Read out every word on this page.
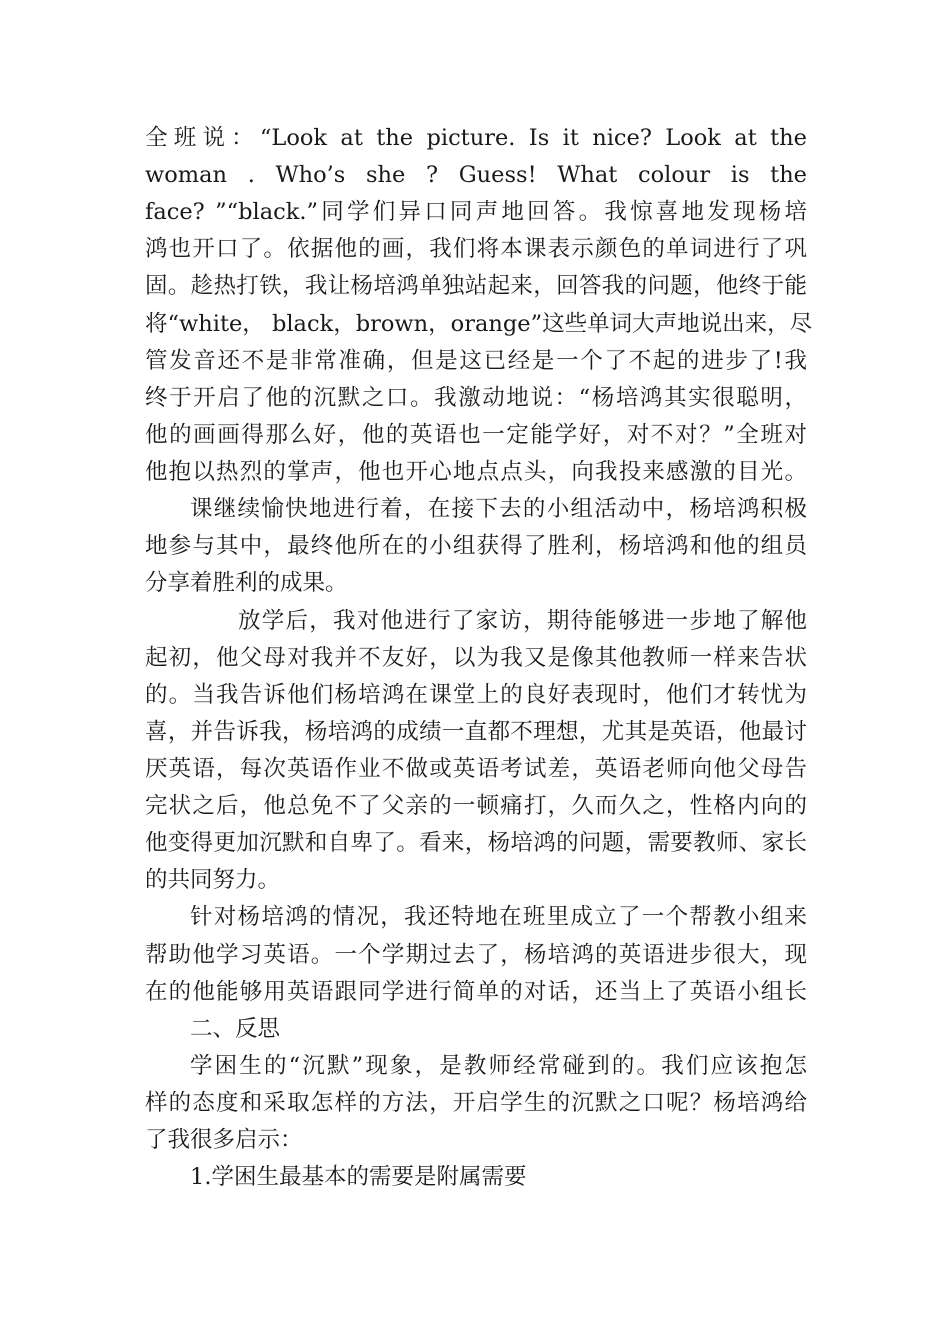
全班说：“Look at the picture. Is it nice? Look at the
woman . Who’s she ? Guess! What colour is the
face? ”“black.”同学们异口同声地回答。我惊喜地发现杨培
鸿也开口了。依据他的画，我们将本课表示颜色的单词进行了巩
固。趁热打铁，我让杨培鸿单独站起来，回答我的问题，他终于能
将“white， black，brown，orange”这些单词大声地说出来，尽
管发音还不是非常准确，但是这已经是一个了不起的进步了!我
终于开启了他的沉默之口。我激动地说：“杨培鸿其实很聪明，
他的画画得那么好，他的英语也一定能学好，对不对？”全班对
他抱以热烈的掌声，他也开心地点点头，向我投来感激的目光。
课继续愉快地进行着，在接下去的小组活动中，杨培鸿积极
地参与其中，最终他所在的小组获得了胜利，杨培鸿和他的组员
分享着胜利的成果。
放学后，我对他进行了家访，期待能够进一步地了解他
起初，他父母对我并不友好，以为我又是像其他教师一样来告状
的。当我告诉他们杨培鸿在课堂上的良好表现时，他们才转忧为
喜，并告诉我，杨培鸿的成绩一直都不理想，尤其是英语，他最讨
厌英语，每次英语作业不做或英语考试差，英语老师向他父母告
完状之后，他总免不了父亲的一顿痛打，久而久之，性格内向的
他变得更加沉默和自卑了。看来，杨培鸿的问题，需要教师、家长
的共同努力。
针对杨培鸿的情况，我还特地在班里成立了一个帮教小组来
帮助他学习英语。一个学期过去了，杨培鸿的英语进步很大，现
在的他能够用英语跟同学进行简单的对话，还当上了英语小组长
二、反思
学困生的“沉默”现象，是教师经常碰到的。我们应该抱怎
样的态度和采取怎样的方法，开启学生的沉默之口呢？杨培鸿给
了我很多启示：
1.学困生最基本的需要是附属需要
